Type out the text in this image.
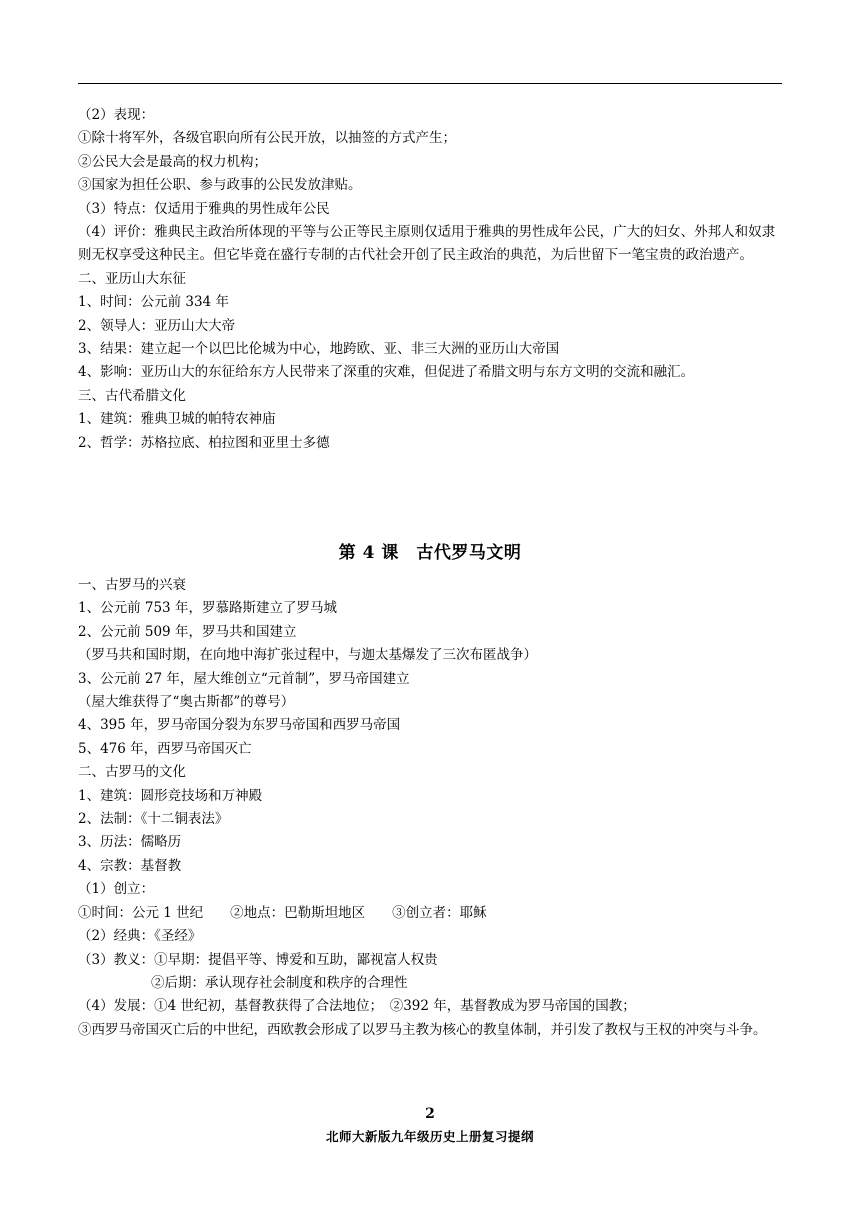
（2）表现：
①除十将军外，各级官职向所有公民开放，以抽签的方式产生；
②公民大会是最高的权力机构；
③国家为担任公职、参与政事的公民发放津贴。
（3）特点：仅适用于雅典的男性成年公民
（4）评价：雅典民主政治所体现的平等与公正等民主原则仅适用于雅典的男性成年公民，广大的妇女、外邦人和奴隶则无权享受这种民主。但它毕竟在盛行专制的古代社会开创了民主政治的典范，为后世留下一笔宝贵的政治遗产。
二、亚历山大东征
1、时间：公元前 334 年
2、领导人：亚历山大大帝
3、结果：建立起一个以巴比伦城为中心，地跨欧、亚、非三大洲的亚历山大帝国
4、影响：亚历山大的东征给东方人民带来了深重的灾难，但促进了希腊文明与东方文明的交流和融汇。
三、古代希腊文化
1、建筑：雅典卫城的帕特农神庙
2、哲学：苏格拉底、柏拉图和亚里士多德
第 4 课　古代罗马文明
一、古罗马的兴衰
1、公元前 753 年，罗慕路斯建立了罗马城
2、公元前 509 年，罗马共和国建立
（罗马共和国时期，在向地中海扩张过程中，与迦太基爆发了三次布匿战争）
3、公元前 27 年，屋大维创立“元首制”，罗马帝国建立
（屋大维获得了“奥古斯都”的尊号）
4、395 年，罗马帝国分裂为东罗马帝国和西罗马帝国
5、476 年，西罗马帝国灭亡
二、古罗马的文化
1、建筑：圆形竞技场和万神殿
2、法制：《十二铜表法》
3、历法：儒略历
4、宗教：基督教
（1）创立：
①时间：公元 1 世纪　　②地点：巴勒斯坦地区　　③创立者：耶稣
（2）经典：《圣经》
（3）教义：①早期：提倡平等、博爱和互助，鄙视富人权贵
②后期：承认现存社会制度和秩序的合理性
（4）发展：①4 世纪初，基督教获得了合法地位；　②392 年，基督教成为罗马帝国的国教；
③西罗马帝国灭亡后的中世纪，西欧教会形成了以罗马主教为核心的教皇体制，并引发了教权与王权的冲突与斗争。
2
北师大新版九年级历史上册复习提纲
